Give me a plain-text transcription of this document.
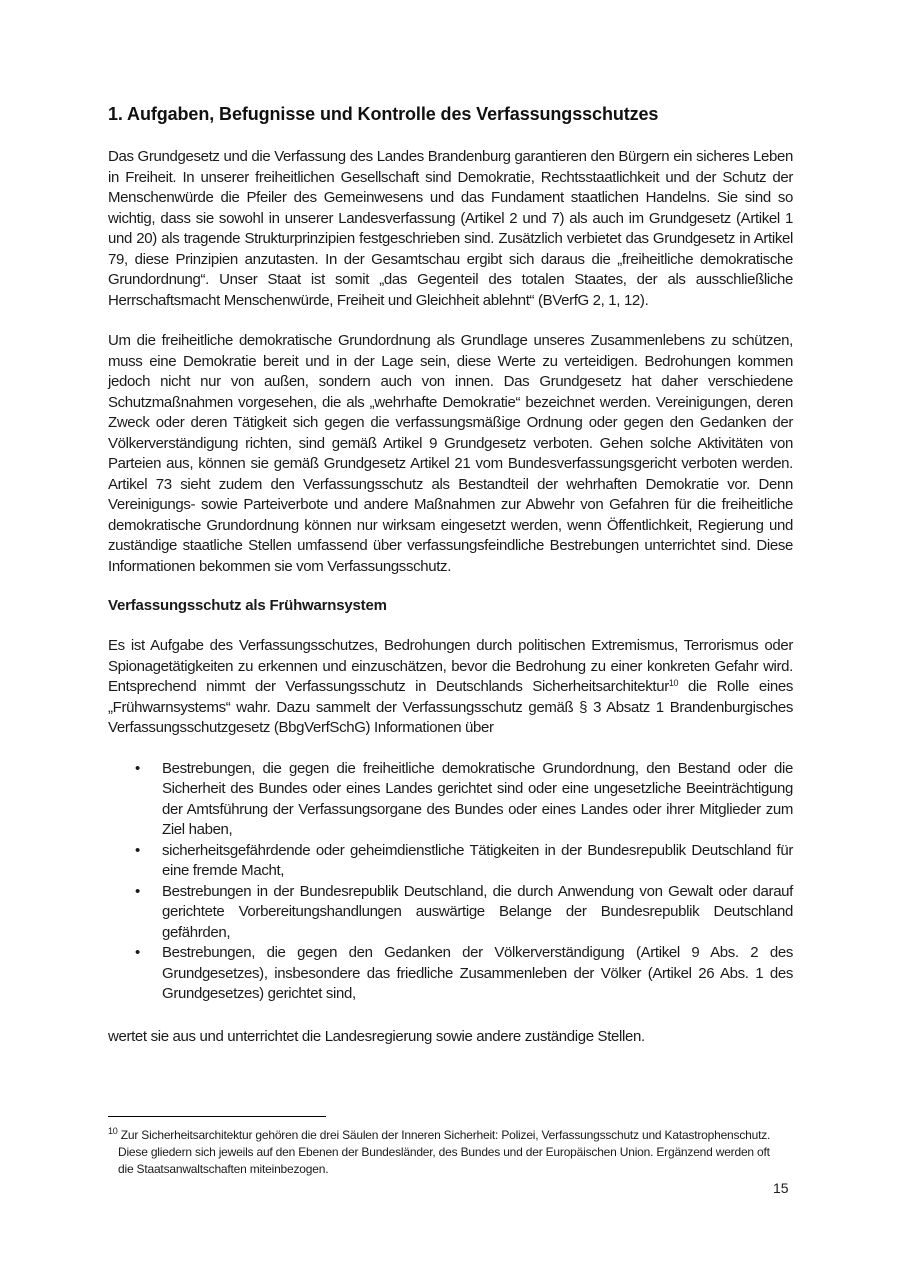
1. Aufgaben, Befugnisse und Kontrolle des Verfassungsschutzes

Das Grundgesetz und die Verfassung des Landes Brandenburg garantieren den Bürgern ein sicheres Leben in Freiheit. In unserer freiheitlichen Gesellschaft sind Demokratie, Rechtsstaatlichkeit und der Schutz der Menschenwürde die Pfeiler des Gemeinwesens und das Fundament staatlichen Handelns. Sie sind so wichtig, dass sie sowohl in unserer Landesverfassung (Artikel 2 und 7) als auch im Grundgesetz (Artikel 1 und 20) als tragende Strukturprinzipien festgeschrieben sind. Zusätzlich verbietet das Grundgesetz in Artikel 79, diese Prinzipien anzutasten. In der Gesamtschau ergibt sich daraus die „freiheitliche demokratische Grundordnung“. Unser Staat ist somit „das Gegenteil des totalen Staates, der als ausschließliche Herrschaftsmacht Menschenwürde, Freiheit und Gleichheit ablehnt“ (BVerfG 2, 1, 12).

Um die freiheitliche demokratische Grundordnung als Grundlage unseres Zusammenlebens zu schützen, muss eine Demokratie bereit und in der Lage sein, diese Werte zu verteidigen. Bedrohungen kommen jedoch nicht nur von außen, sondern auch von innen. Das Grundgesetz hat daher verschiedene Schutzmaßnahmen vorgesehen, die als „wehrhafte Demokratie“ bezeichnet werden. Vereinigungen, deren Zweck oder deren Tätigkeit sich gegen die verfassungsmäßige Ordnung oder gegen den Gedanken der Völkerverständigung richten, sind gemäß Artikel 9 Grundgesetz verboten. Gehen solche Aktivitäten von Parteien aus, können sie gemäß Grundgesetz Artikel 21 vom Bundesverfassungsgericht verboten werden. Artikel 73 sieht zudem den Verfassungsschutz als Bestandteil der wehrhaften Demokratie vor. Denn Vereinigungs- sowie Parteiverbote und andere Maßnahmen zur Abwehr von Gefahren für die freiheitliche demokratische Grundordnung können nur wirksam eingesetzt werden, wenn Öffentlichkeit, Regierung und zuständige staatliche Stellen umfassend über verfassungsfeindliche Bestrebungen unterrichtet sind. Diese Informationen bekommen sie vom Verfassungsschutz.

Verfassungsschutz als Frühwarnsystem

Es ist Aufgabe des Verfassungsschutzes, Bedrohungen durch politischen Extremismus, Terrorismus oder Spionagetätigkeiten zu erkennen und einzuschätzen, bevor die Bedrohung zu einer konkreten Gefahr wird. Entsprechend nimmt der Verfassungsschutz in Deutschlands Sicherheitsarchitektur$^{10}$ die Rolle eines „Frühwarnsystems“ wahr. Dazu sammelt der Verfassungsschutz gemäß § 3 Absatz 1 Brandenburgisches Verfassungsschutzgesetz (BbgVerfSchG) Informationen über

• Bestrebungen, die gegen die freiheitliche demokratische Grundordnung, den Bestand oder die Sicherheit des Bundes oder eines Landes gerichtet sind oder eine ungesetzliche Beeinträchtigung der Amtsführung der Verfassungsorgane des Bundes oder eines Landes oder ihrer Mitglieder zum Ziel haben,
• sicherheitsgefährdende oder geheimdienstliche Tätigkeiten in der Bundesrepublik Deutschland für eine fremde Macht,
• Bestrebungen in der Bundesrepublik Deutschland, die durch Anwendung von Gewalt oder darauf gerichtete Vorbereitungshandlungen auswärtige Belange der Bundesrepublik Deutschland gefährden,
• Bestrebungen, die gegen den Gedanken der Völkerverständigung (Artikel 9 Abs. 2 des Grundgesetzes), insbesondere das friedliche Zusammenleben der Völker (Artikel 26 Abs. 1 des Grundgesetzes) gerichtet sind,

wertet sie aus und unterrichtet die Landesregierung sowie andere zuständige Stellen.

$^{10}$ Zur Sicherheitsarchitektur gehören die drei Säulen der Inneren Sicherheit: Polizei, Verfassungsschutz und Katastrophenschutz. Diese gliedern sich jeweils auf den Ebenen der Bundesländer, des Bundes und der Europäischen Union. Ergänzend werden oft die Staatsanwaltschaften miteinbezogen.
15
